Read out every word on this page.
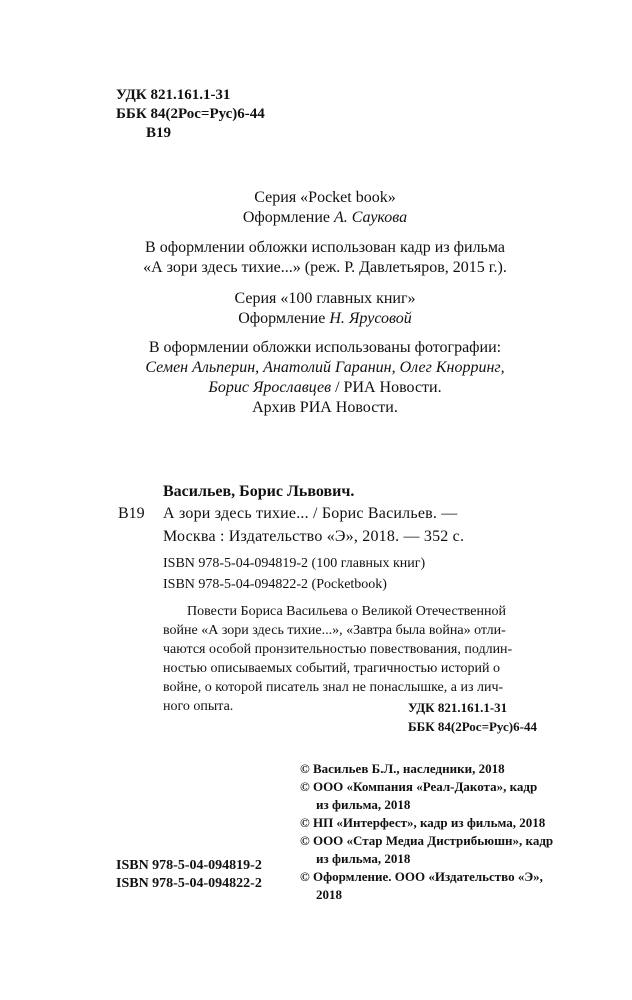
УДК 821.161.1-31
ББК 84(2Рос=Рус)6-44
В19
Серия «Pocket book»
Оформление А. Саукова
В оформлении обложки использован кадр из фильма
«А зори здесь тихие...» (реж. Р. Давлетьяров, 2015 г.).
Серия «100 главных книг»
Оформление Н. Ярусовой
В оформлении обложки использованы фотографии:
Семен Альперин, Анатолий Гаранин, Олег Кнорринг,
Борис Ярославцев / РИА Новости.
Архив РИА Новости.
Васильев, Борис Львович.
В19 А зори здесь тихие... / Борис Васильев. —
Москва : Издательство «Э», 2018. — 352 с.
ISBN 978-5-04-094819-2 (100 главных книг)
ISBN 978-5-04-094822-2 (Pocketbook)
Повести Бориса Васильева о Великой Отечественной
войне «А зори здесь тихие...», «Завтра была война» отли-
чаются особой пронзительностью повествования, подлин-
ностью описываемых событий, трагичностью историй о
войне, о которой писатель знал не понаслышке, а из лич-
ного опыта.	УДК 821.161.1-31
ББК 84(2Рос=Рус)6-44
© Васильев Б.Л., наследники, 2018
© ООО «Компания «Реал-Дакота», кадр
из фильма, 2018
© НП «Интерфест», кадр из фильма, 2018
© ООО «Стар Медиа Дистрибьюшн», кадр
из фильма, 2018
© Оформление. ООО «Издательство «Э»,
2018
ISBN 978-5-04-094819-2
ISBN 978-5-04-094822-2
